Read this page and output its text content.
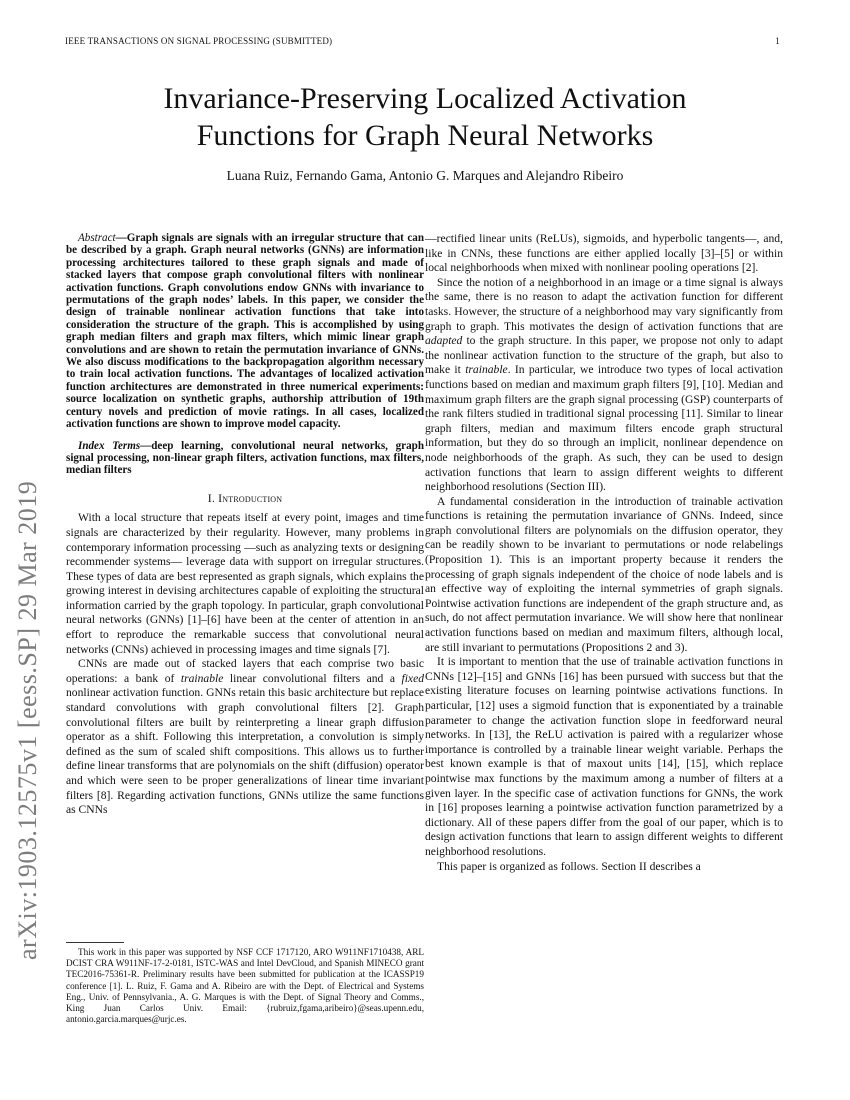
IEEE TRANSACTIONS ON SIGNAL PROCESSING (SUBMITTED)	1
Invariance-Preserving Localized Activation
Functions for Graph Neural Networks
Luana Ruiz, Fernando Gama, Antonio G. Marques and Alejandro Ribeiro
arXiv:1903.12575v1 [eess.SP] 29 Mar 2019

Abstract—Graph signals are signals with an irregular structure that can be described by a graph. Graph neural networks (GNNs) are information processing architectures tailored to these graph signals and made of stacked layers that compose graph convolutional filters with nonlinear activation functions. Graph convolutions endow GNNs with invariance to permutations of the graph nodes’ labels. In this paper, we consider the design of trainable nonlinear activation functions that take into consideration the structure of the graph. This is accomplished by using graph median filters and graph max filters, which mimic linear graph convolutions and are shown to retain the permutation invariance of GNNs. We also discuss modifications to the backpropagation algorithm necessary to train local activation functions. The advantages of localized activation function architectures are demonstrated in three numerical experiments: source localization on synthetic graphs, authorship attribution of 19th century novels and prediction of movie ratings. In all cases, localized activation functions are shown to improve model capacity.

Index Terms—deep learning, convolutional neural networks, graph signal processing, non-linear graph filters, activation functions, max filters, median filters

I. Introduction

With a local structure that repeats itself at every point, images and time signals are characterized by their regularity. However, many problems in contemporary information processing —such as analyzing texts or designing recommender systems— leverage data with support on irregular structures. These types of data are best represented as graph signals, which explains the growing interest in devising architectures capable of exploiting the structural information carried by the graph topology. In particular, graph convolutional neural networks (GNNs) [1]–[6] have been at the center of attention in an effort to reproduce the remarkable success that convolutional neural networks (CNNs) achieved in processing images and time signals [7].

CNNs are made out of stacked layers that each comprise two basic operations: a bank of trainable linear convolutional filters and a fixed nonlinear activation function. GNNs retain this basic architecture but replace standard convolutions with graph convolutional filters [2]. Graph convolutional filters are built by reinterpreting a linear graph diffusion operator as a shift. Following this interpretation, a convolution is simply defined as the sum of scaled shift compositions. This allows us to further define linear transforms that are polynomials on the shift (diffusion) operator and which were seen to be proper generalizations of linear time invariant filters [8]. Regarding activation functions, GNNs utilize the same functions as CNNs

This work in this paper was supported by NSF CCF 1717120, ARO W911NF1710438, ARL DCIST CRA W911NF-17-2-0181, ISTC-WAS and Intel DevCloud, and Spanish MINECO grant TEC2016-75361-R. Preliminary results have been submitted for publication at the ICASSP19 conference [1]. L. Ruiz, F. Gama and A. Ribeiro are with the Dept. of Electrical and Systems Eng., Univ. of Pennsylvania., A. G. Marques is with the Dept. of Signal Theory and Comms., King Juan Carlos Univ. Email: {rubruiz,fgama,aribeiro}@seas.upenn.edu, antonio.garcia.marques@urjc.es.

—rectified linear units (ReLUs), sigmoids, and hyperbolic tangents—, and, like in CNNs, these functions are either applied locally [3]–[5] or within local neighborhoods when mixed with nonlinear pooling operations [2].

Since the notion of a neighborhood in an image or a time signal is always the same, there is no reason to adapt the activation function for different tasks. However, the structure of a neighborhood may vary significantly from graph to graph. This motivates the design of activation functions that are adapted to the graph structure. In this paper, we propose not only to adapt the nonlinear activation function to the structure of the graph, but also to make it trainable. In particular, we introduce two types of local activation functions based on median and maximum graph filters [9], [10]. Median and maximum graph filters are the graph signal processing (GSP) counterparts of the rank filters studied in traditional signal processing [11]. Similar to linear graph filters, median and maximum filters encode graph structural information, but they do so through an implicit, nonlinear dependence on node neighborhoods of the graph. As such, they can be used to design activation functions that learn to assign different weights to different neighborhood resolutions (Section III).

A fundamental consideration in the introduction of trainable activation functions is retaining the permutation invariance of GNNs. Indeed, since graph convolutional filters are polynomials on the diffusion operator, they can be readily shown to be invariant to permutations or node relabelings (Proposition 1). This is an important property because it renders the processing of graph signals independent of the choice of node labels and is an effective way of exploiting the internal symmetries of graph signals. Pointwise activation functions are independent of the graph structure and, as such, do not affect permutation invariance. We will show here that nonlinear activation functions based on median and maximum filters, although local, are still invariant to permutations (Propositions 2 and 3).

It is important to mention that the use of trainable activation functions in CNNs [12]–[15] and GNNs [16] has been pursued with success but that the existing literature focuses on learning pointwise activations functions. In particular, [12] uses a sigmoid function that is exponentiated by a trainable parameter to change the activation function slope in feedforward neural networks. In [13], the ReLU activation is paired with a regularizer whose importance is controlled by a trainable linear weight variable. Perhaps the best known example is that of maxout units [14], [15], which replace pointwise max functions by the maximum among a number of filters at a given layer. In the specific case of activation functions for GNNs, the work in [16] proposes learning a pointwise activation function parametrized by a dictionary. All of these papers differ from the goal of our paper, which is to design activation functions that learn to assign different weights to different neighborhood resolutions.

This paper is organized as follows. Section II describes a
